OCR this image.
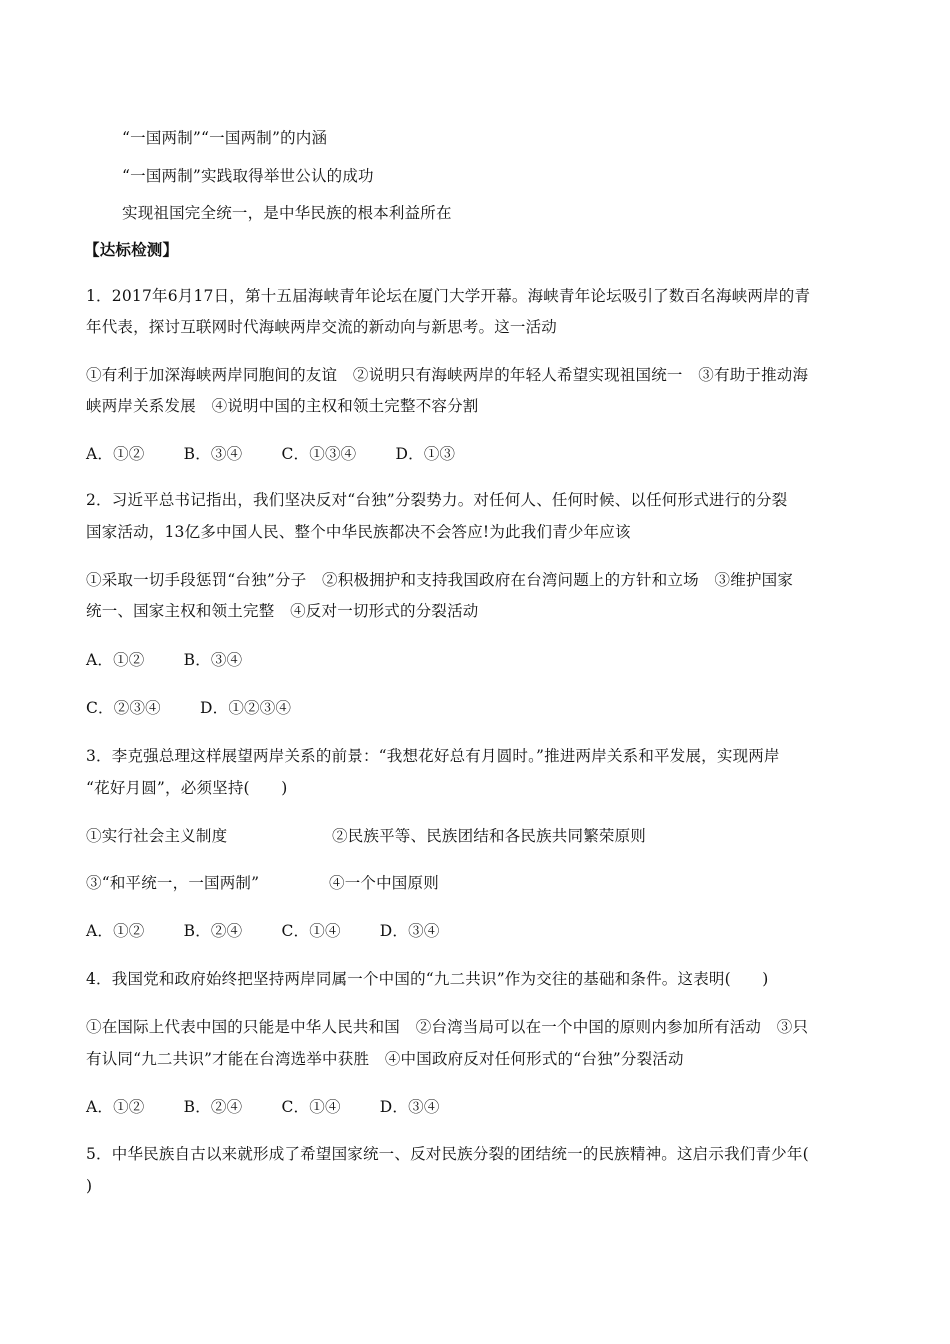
“一国两制”“一国两制”的内涵
“一国两制”实践取得举世公认的成功
实现祖国完全统一，是中华民族的根本利益所在
【达标检测】
1．2017年6月17日，第十五届海峡青年论坛在厦门大学开幕。海峡青年论坛吸引了数百名海峡两岸的青
年代表，探讨互联网时代海峡两岸交流的新动向与新思考。这一活动
①有利于加深海峡两岸同胞间的友谊　②说明只有海峡两岸的年轻人希望实现祖国统一　③有助于推动海
峡两岸关系发展　④说明中国的主权和领土完整不容分割
A．①②	B．③④	C．①③④	D．①③
2．习近平总书记指出，我们坚决反对“台独”分裂势力。对任何人、任何时候、以任何形式进行的分裂
国家活动，13亿多中国人民、整个中华民族都决不会答应!为此我们青少年应该
①采取一切手段惩罚“台独”分子　②积极拥护和支持我国政府在台湾问题上的方针和立场　③维护国家
统一、国家主权和领土完整　④反对一切形式的分裂活动
A．①②	B．③④
C．②③④	D．①②③④
3．李克强总理这样展望两岸关系的前景：“我想花好总有月圆时。”推进两岸关系和平发展，实现两岸
“花好月圆”，必须坚持(　　)
①实行社会主义制度	②民族平等、民族团结和各民族共同繁荣原则
③“和平统一，一国两制”	④一个中国原则
A．①②	B．②④	C．①④	D．③④
4．我国党和政府始终把坚持两岸同属一个中国的“九二共识”作为交往的基础和条件。这表明(　　)
①在国际上代表中国的只能是中华人民共和国　②台湾当局可以在一个中国的原则内参加所有活动　③只
有认同“九二共识”才能在台湾选举中获胜　④中国政府反对任何形式的“台独”分裂活动
A．①②	B．②④	C．①④	D．③④
5．中华民族自古以来就形成了希望国家统一、反对民族分裂的团结统一的民族精神。这启示我们青少年(
)
